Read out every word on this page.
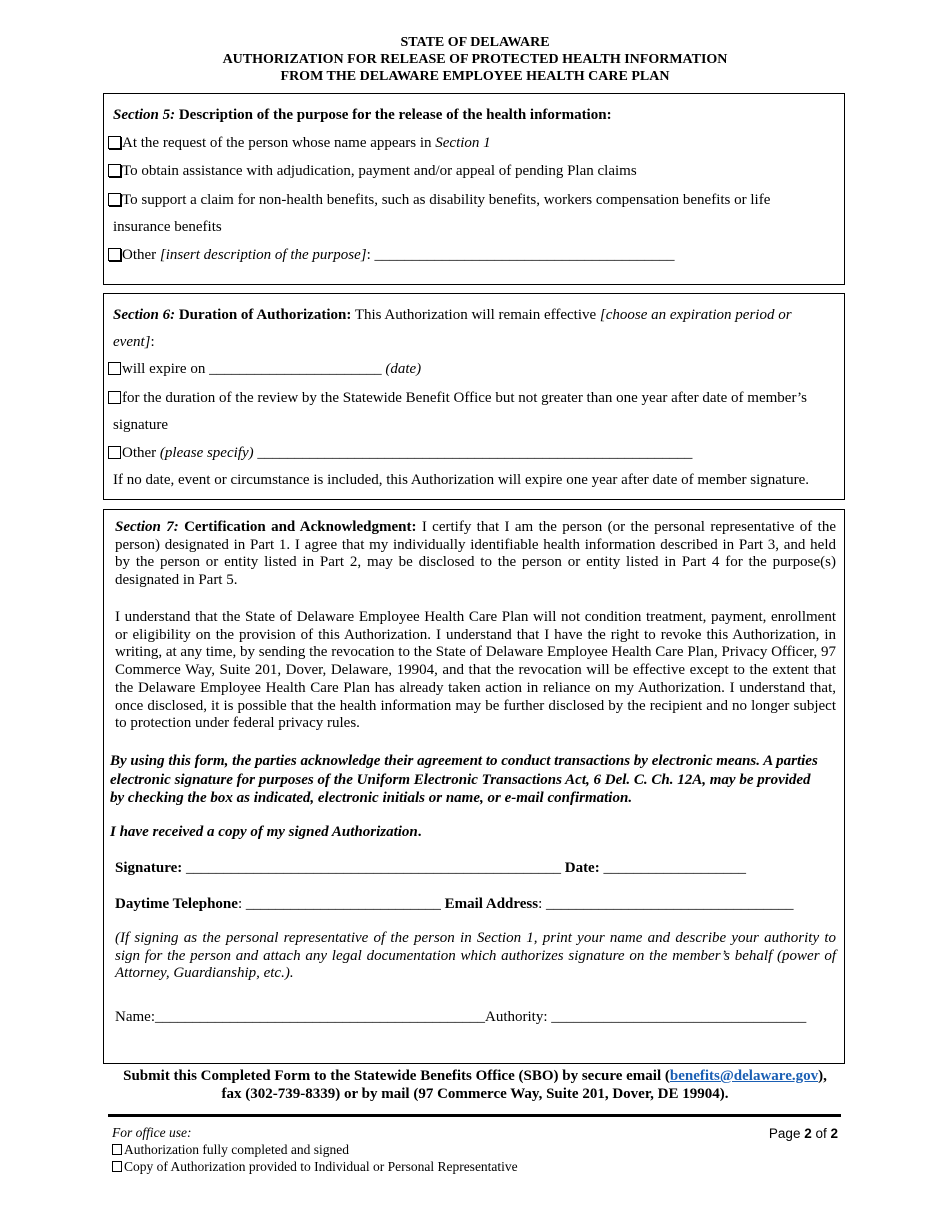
STATE OF DELAWARE
AUTHORIZATION FOR RELEASE OF PROTECTED HEALTH INFORMATION
FROM THE DELAWARE EMPLOYEE HEALTH CARE PLAN
Section 5: Description of the purpose for the release of the health information:
At the request of the person whose name appears in Section 1
To obtain assistance with adjudication, payment and/or appeal of pending Plan claims
To support a claim for non-health benefits, such as disability benefits, workers compensation benefits or life
insurance benefits
Other [insert description of the purpose]: ________________________________________
Section 6: Duration of Authorization: This Authorization will remain effective [choose an expiration period or
event]:
will expire on _______________________ (date)
for the duration of the review by the Statewide Benefit Office but not greater than one year after date of member’s
signature
Other (please specify) __________________________________________________________
If no date, event or circumstance is included, this Authorization will expire one year after date of member signature.

Section 7: Certification and Acknowledgment: I certify that I am the person (or the personal representative of the person) designated in Part 1. I agree that my individually identifiable health information described in Part 3, and held by the person or entity listed in Part 2, may be disclosed to the person or entity listed in Part 4 for the purpose(s) designated in Part 5.

I understand that the State of Delaware Employee Health Care Plan will not condition treatment, payment, enrollment or eligibility on the provision of this Authorization. I understand that I have the right to revoke this Authorization, in writing, at any time, by sending the revocation to the State of Delaware Employee Health Care Plan, Privacy Officer, 97 Commerce Way, Suite 201, Dover, Delaware, 19904, and that the revocation will be effective except to the extent that the Delaware Employee Health Care Plan has already taken action in reliance on my Authorization. I understand that, once disclosed, it is possible that the health information may be further disclosed by the recipient and no longer subject to protection under federal privacy rules.

By using this form, the parties acknowledge their agreement to conduct transactions by electronic means. A parties electronic signature for purposes of the Uniform Electronic Transactions Act, 6 Del. C. Ch. 12A, may be provided by checking the box as indicated, electronic initials or name, or e-mail confirmation.
I have received a copy of my signed Authorization.
Signature: __________________________________________________ Date: ___________________
Daytime Telephone: __________________________ Email Address: _________________________________
(If signing as the personal representative of the person in Section 1, print your name and describe your authority to sign for the person and attach any legal documentation which authorizes signature on the member’s behalf (power of Attorney, Guardianship, etc.).
Name:____________________________________________Authority: __________________________________
Submit this Completed Form to the Statewide Benefits Office (SBO) by secure email (benefits@delaware.gov),
fax (302-739-8339) or by mail (97 Commerce Way, Suite 201, Dover, DE 19904).
For office use:
Authorization fully completed and signed
Copy of Authorization provided to Individual or Personal Representative
Page 2 of 2
